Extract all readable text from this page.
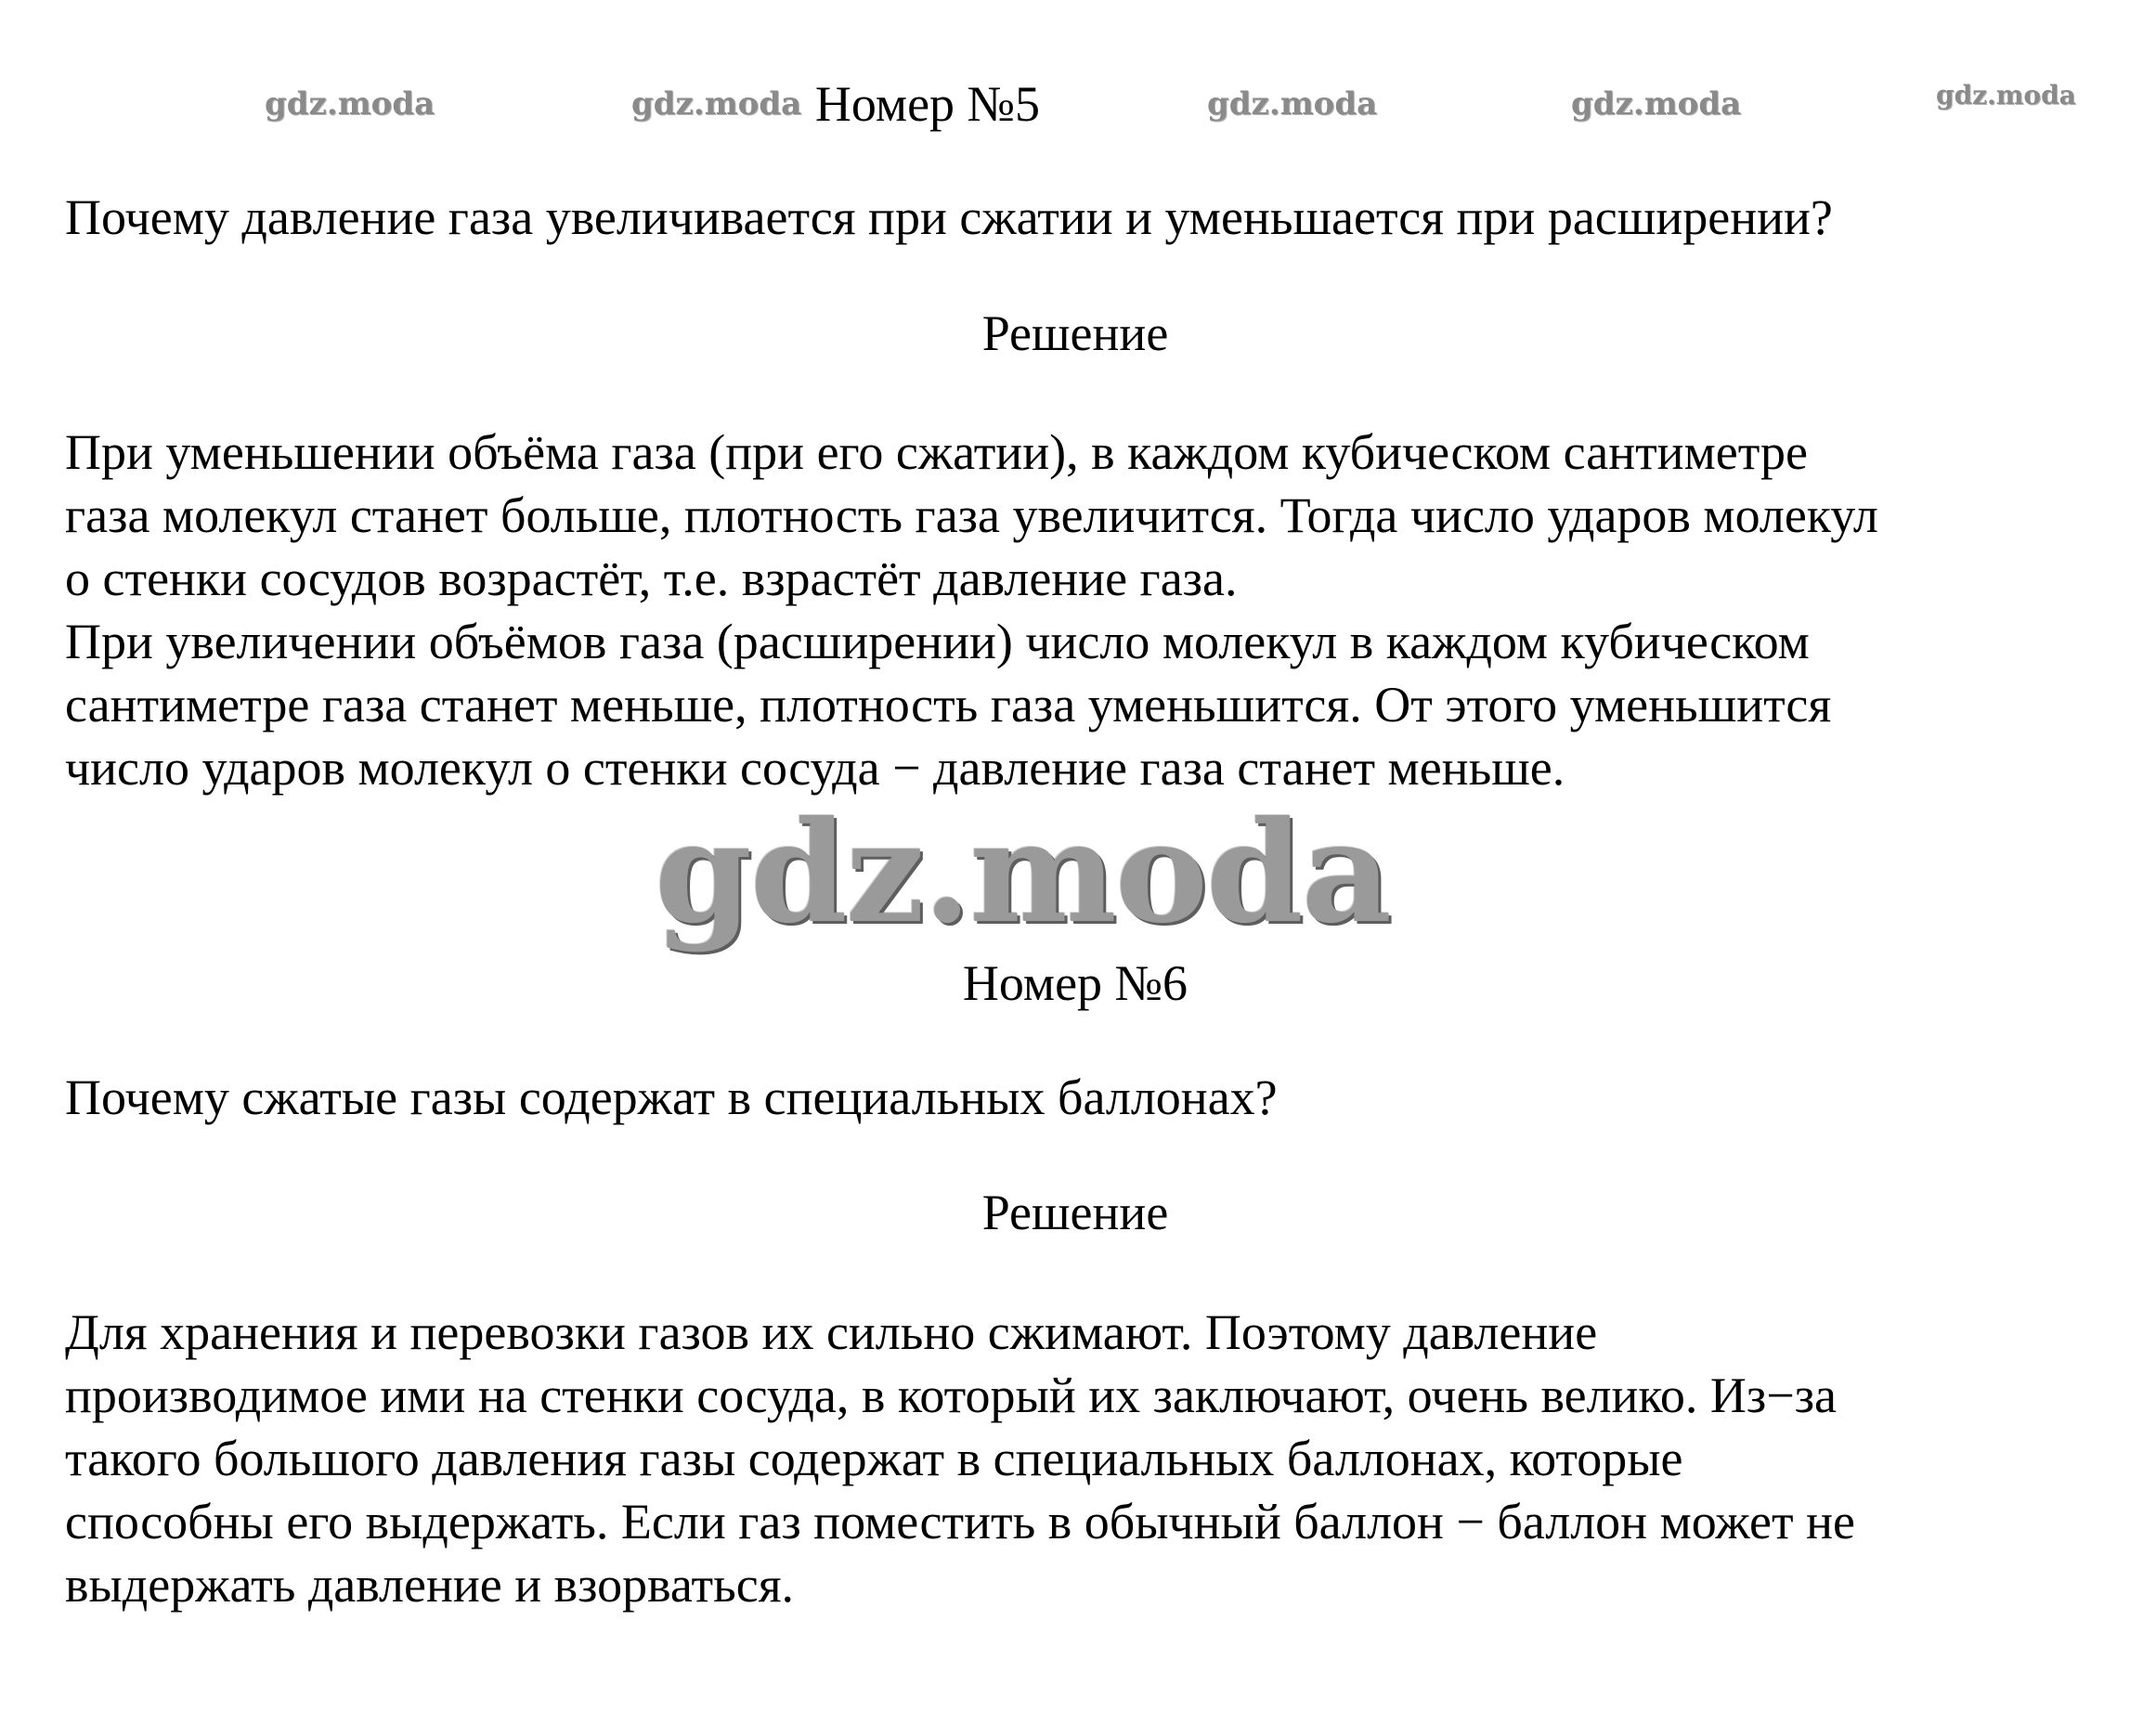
gdz.moda	gdz.moda	gdz.moda	gdz.moda	gdz.moda
Номер №5

Почему давление газа увеличивается при сжатии и уменьшается при расширении?

Решение

При уменьшении объёма газа (при его сжатии), в каждом кубическом сантиметре

газа молекул станет больше, плотность газа увеличится. Тогда число ударов молекул

о стенки сосудов возрастёт, т.е. взрастёт давление газа.

При увеличении объёмов газа (расширении) число молекул в каждом кубическом

сантиметре газа станет меньше, плотность газа уменьшится. От этого уменьшится

число ударов молекул о стенки сосуда − давление газа станет меньше.

gdz.moda
Номер №6

Почему сжатые газы содержат в специальных баллонах?

Решение

Для хранения и перевозки газов их сильно сжимают. Поэтому давление

производимое ими на стенки сосуда, в который их заключают, очень велико. Из−за

такого большого давления газы содержат в специальных баллонах, которые

способны его выдержать. Если газ поместить в обычный баллон − баллон может не

выдержать давление и взорваться.
